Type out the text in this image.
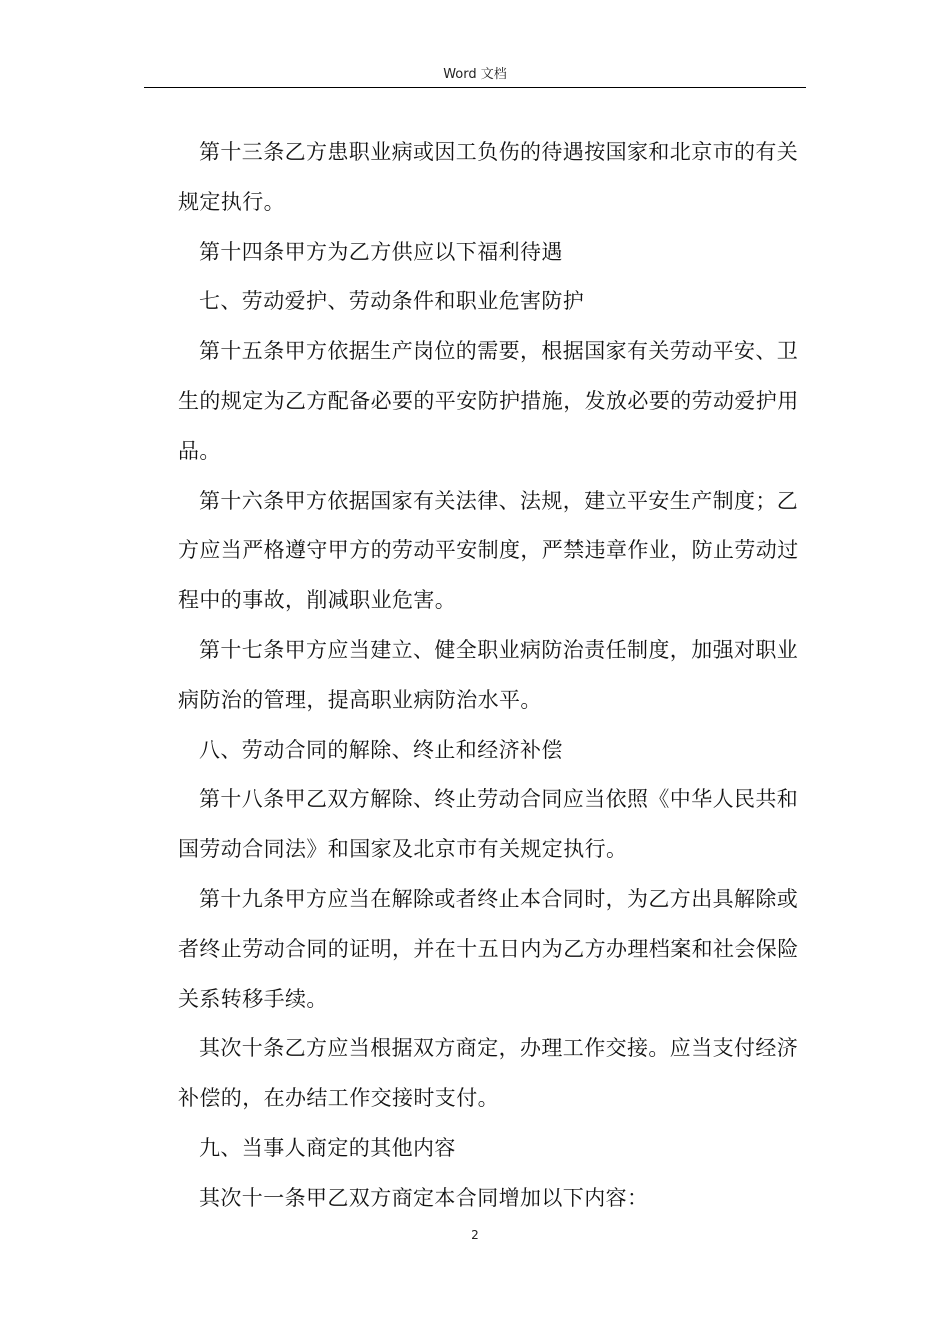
Word 文档

第十三条乙方患职业病或因工负伤的待遇按国家和北京市的有关规定执行。

第十四条甲方为乙方供应以下福利待遇

七、劳动爱护、劳动条件和职业危害防护

第十五条甲方依据生产岗位的需要，根据国家有关劳动平安、卫生的规定为乙方配备必要的平安防护措施，发放必要的劳动爱护用品。

第十六条甲方依据国家有关法律、法规，建立平安生产制度；乙方应当严格遵守甲方的劳动平安制度，严禁违章作业，防止劳动过程中的事故，削减职业危害。

第十七条甲方应当建立、健全职业病防治责任制度，加强对职业病防治的管理，提高职业病防治水平。

八、劳动合同的解除、终止和经济补偿

第十八条甲乙双方解除、终止劳动合同应当依照《中华人民共和国劳动合同法》和国家及北京市有关规定执行。

第十九条甲方应当在解除或者终止本合同时，为乙方出具解除或者终止劳动合同的证明，并在十五日内为乙方办理档案和社会保险关系转移手续。

其次十条乙方应当根据双方商定，办理工作交接。应当支付经济补偿的，在办结工作交接时支付。

九、当事人商定的其他内容

其次十一条甲乙双方商定本合同增加以下内容：

2
